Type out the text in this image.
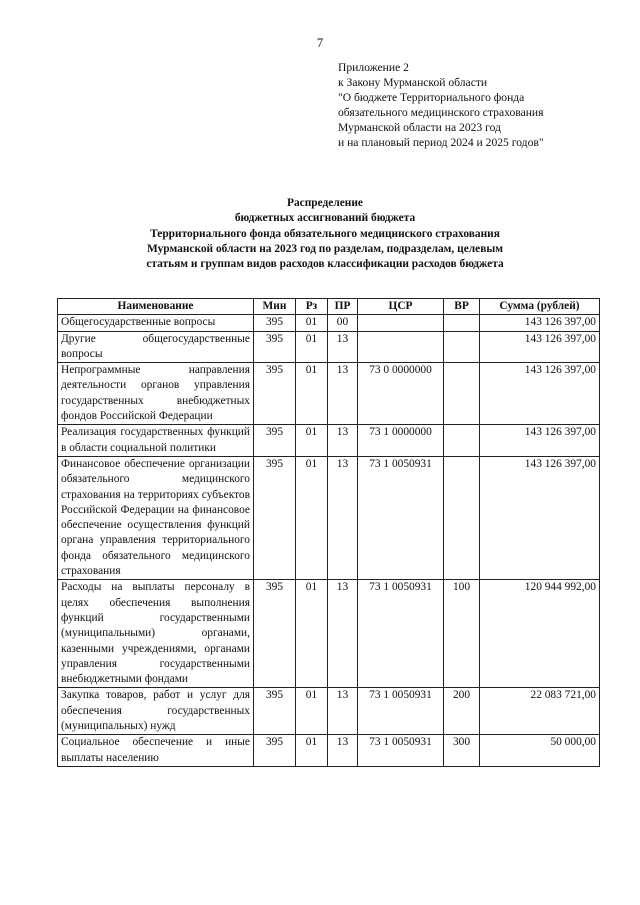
7
Приложение 2
к Закону Мурманской области
"О бюджете Территориального фонда
обязательного медицинского страхования
Мурманской области на 2023 год
и на плановый период 2024 и 2025 годов"
Распределение
бюджетных ассигнований бюджета
Территориального фонда обязательного медицинского страхования
Мурманской области на 2023 год по разделам, подразделам, целевым
статьям и группам видов расходов классификации расходов бюджета
Наименование	Мин	Рз	ПР	ЦСР	ВР	Сумма (рублей)
Общегосударственные вопросы	395	01	00			143 126 397,00
Другие общегосударственные вопросы	395	01	13			143 126 397,00
Непрограммные направления деятельности органов управления государственных внебюджетных фондов Российской Федерации	395	01	13	73 0 0000000		143 126 397,00
Реализация государственных функций в области социальной политики	395	01	13	73 1 0000000		143 126 397,00
Финансовое обеспечение организации обязательного медицинского страхования на территориях субъектов Российской Федерации на финансовое обеспечение осуществления функций органа управления территориального фонда обязательного медицинского страхования	395	01	13	73 1 0050931		143 126 397,00
Расходы на выплаты персоналу в целях обеспечения выполнения функций государственными (муниципальными) органами, казенными учреждениями, органами управления государственными внебюджетными фондами	395	01	13	73 1 0050931	100	120 944 992,00
Закупка товаров, работ и услуг для обеспечения государственных (муниципальных) нужд	395	01	13	73 1 0050931	200	22 083 721,00
Социальное обеспечение и иные выплаты населению	395	01	13	73 1 0050931	300	50 000,00
